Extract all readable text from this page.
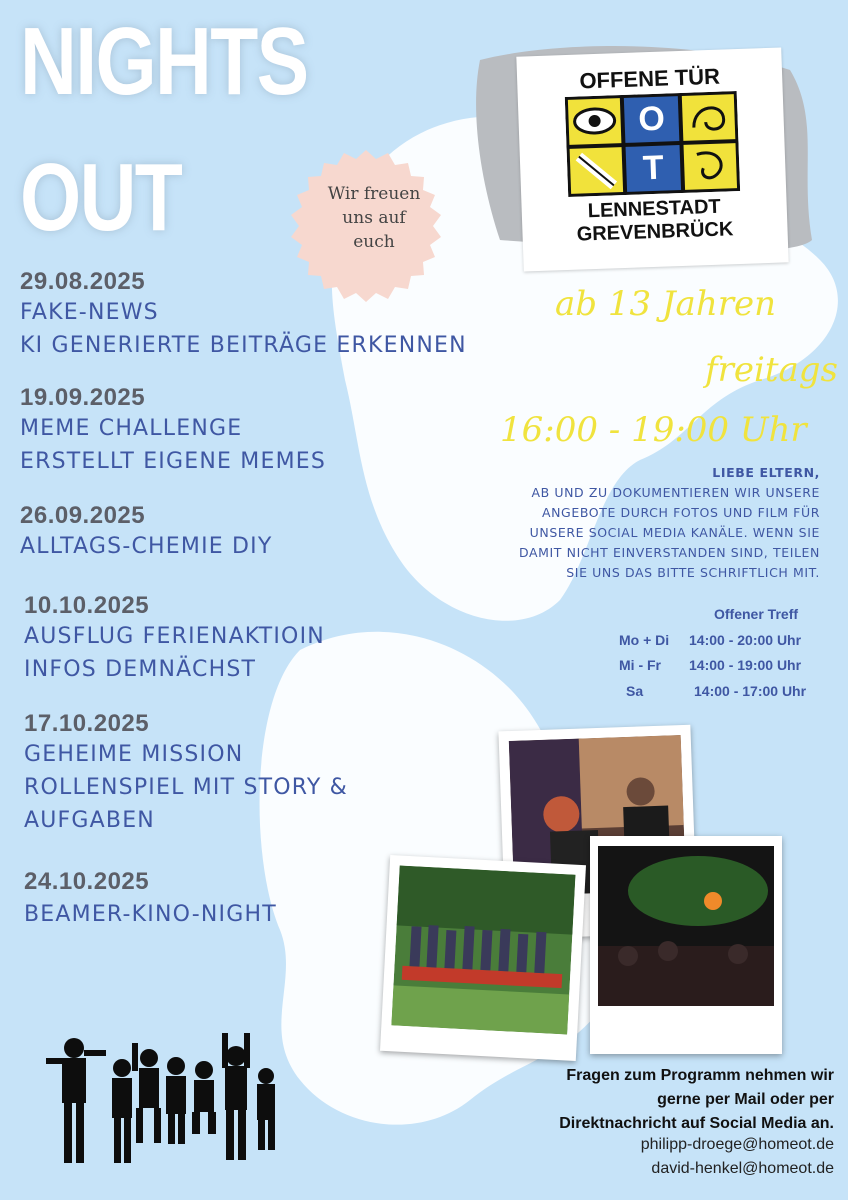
NIGHTS
OUT	Wir freuen uns auf euch
OFFENE TÜR
O
T
LENNESTADT
GREVENBRÜCK
ab 13 Jahren
freitags
16:00 - 19:00 Uhr
29.08.2025
FAKE-NEWS
KI GENERIERTE BEITRÄGE ERKENNEN
19.09.2025
MEME CHALLENGE
ERSTELLT EIGENE MEMES
26.09.2025
ALLTAGS-CHEMIE DIY
10.10.2025
AUSFLUG FERIENAKTIOIN
INFOS DEMNÄCHST
17.10.2025
GEHEIME MISSION
ROLLENSPIEL MIT STORY &
AUFGABEN
24.10.2025
BEAMER-KINO-NIGHT
LIEBE ELTERN,
AB UND ZU DOKUMENTIEREN WIR UNSERE
ANGEBOTE DURCH FOTOS UND FILM FÜR
UNSERE SOCIAL MEDIA KANÄLE. WENN SIE
DAMIT NICHT EINVERSTANDEN SIND, TEILEN
SIE UNS DAS BITTE SCHRIFTLICH MIT.
Offener Treff
Mo + Di 14:00 - 20:00 Uhr
Mi - Fr 14:00 - 19:00 Uhr
Sa	14:00 - 17:00 Uhr
Fragen zum Programm nehmen wir
gerne per Mail oder per
Direktnachricht auf Social Media an.
philipp-droege@homeot.de
david-henkel@homeot.de
